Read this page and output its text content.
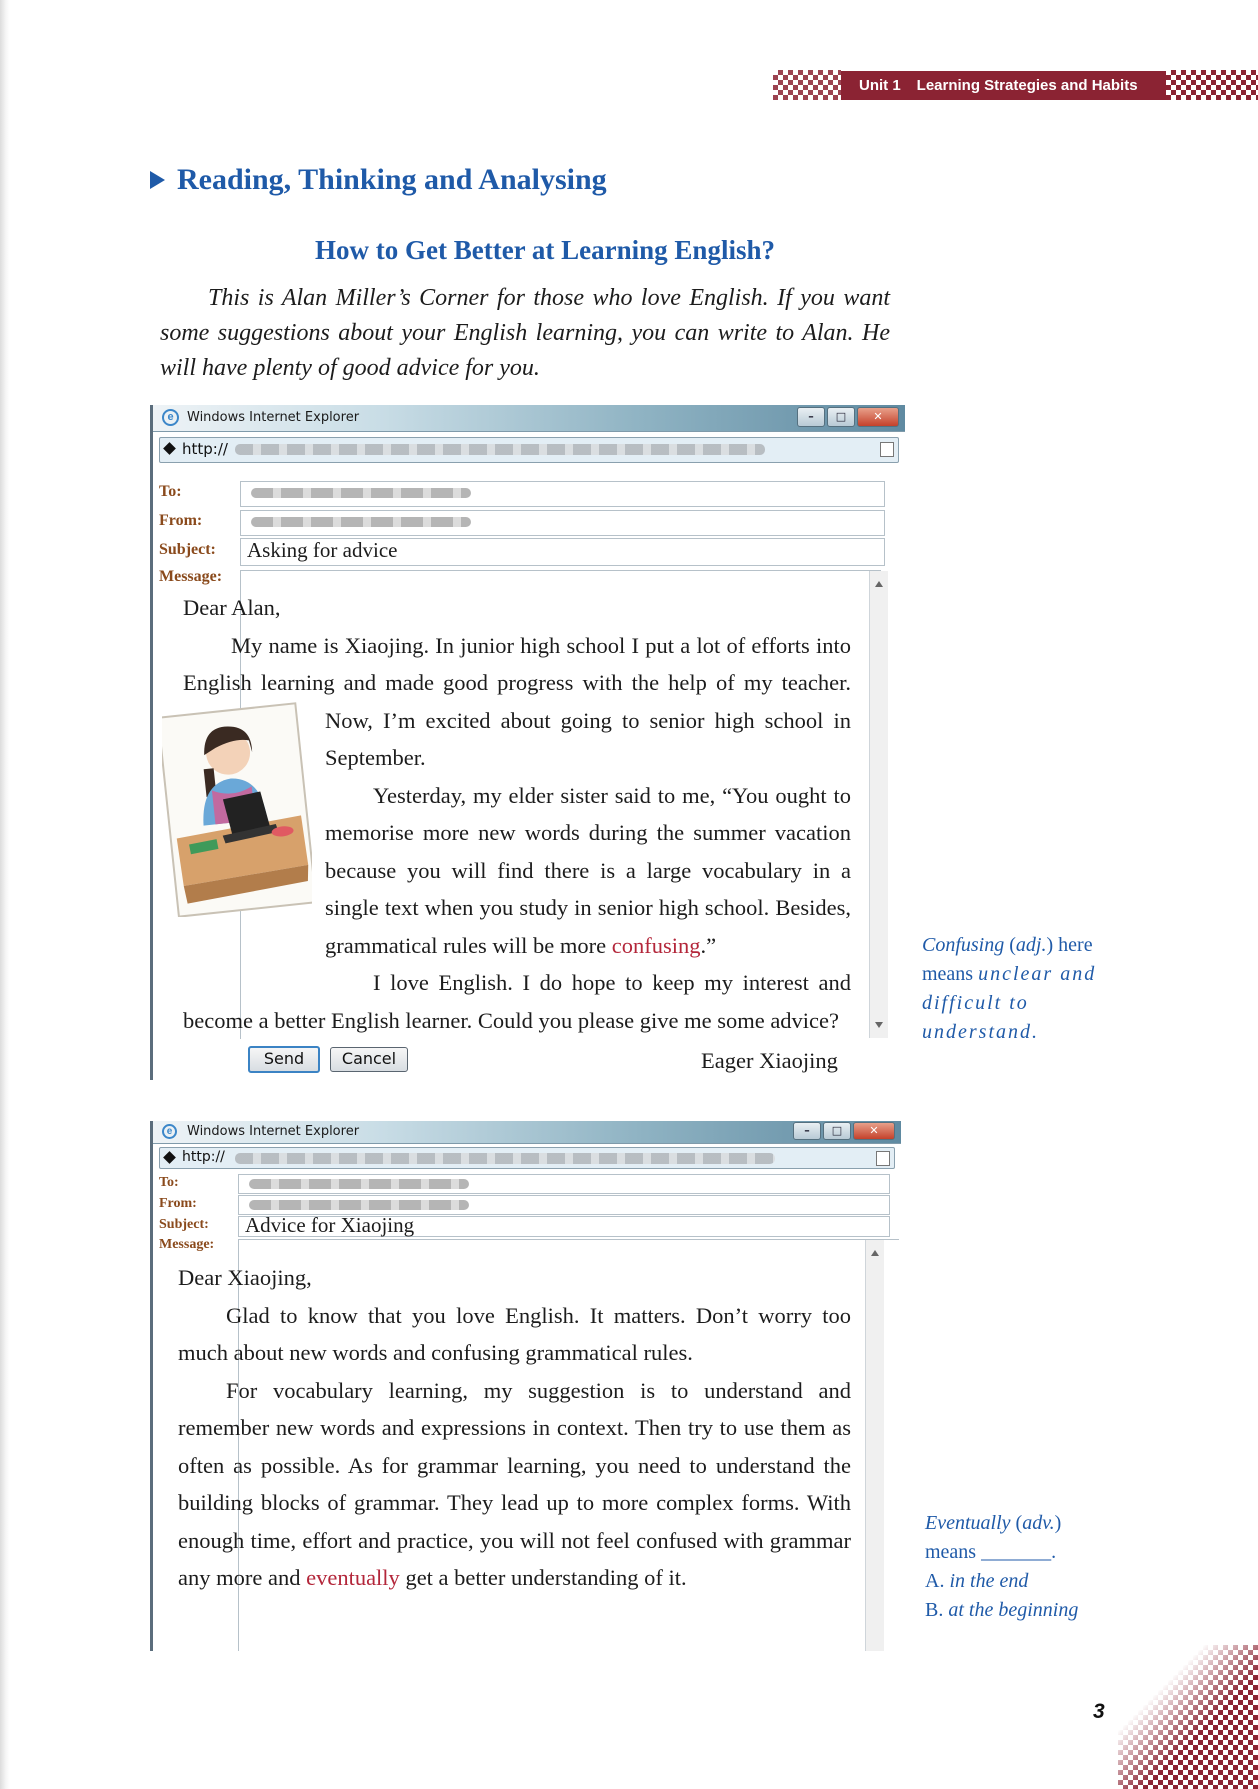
Unit 1 Learning Strategies and Habits
Reading, Thinking and Analysing
How to Get Better at Learning English?
This is Alan Miller’s Corner for those who love English. If you want some suggestions about your English learning, you can write to Alan. He will have plenty of good advice for you.
e	Windows Internet Explorer	–	□	✕
http://
To:
From:
Subject: Asking for advice
Message:

Dear Alan,

My name is Xiaojing. In junior high school I put a lot of efforts into English learning and made good progress with the help of my teacher. Now, I’m excited about going to senior high school in September.

Yesterday, my elder sister said to me, “You ought to memorise more new words during the summer vacation because you will find there is a large vocabulary in a single text when you study in senior high school. Besides, grammatical rules will be more confusing.”

I love English. I do hope to keep my interest and become a better English learner. Could you please give me some advice?

Eager Xiaojing
Send	Cancel
e	Windows Internet Explorer	–	□	✕
http://
To:
From:
Subject: Advice for Xiaojing
Message:

Dear Xiaojing,

Glad to know that you love English. It matters. Don’t worry too much about new words and confusing grammatical rules.

For vocabulary learning, my suggestion is to understand and remember new words and expressions in context. Then try to use them as often as possible. As for grammar learning, you need to understand the building blocks of grammar. They lead up to more complex forms. With enough time, effort and practice, you will not feel confused with grammar any more and eventually get a better understanding of it.

Confusing (adj.) here
means unclear and difficult to understand.
Eventually (adv.)
means _______.
A. in the end
B. at the beginning
3
